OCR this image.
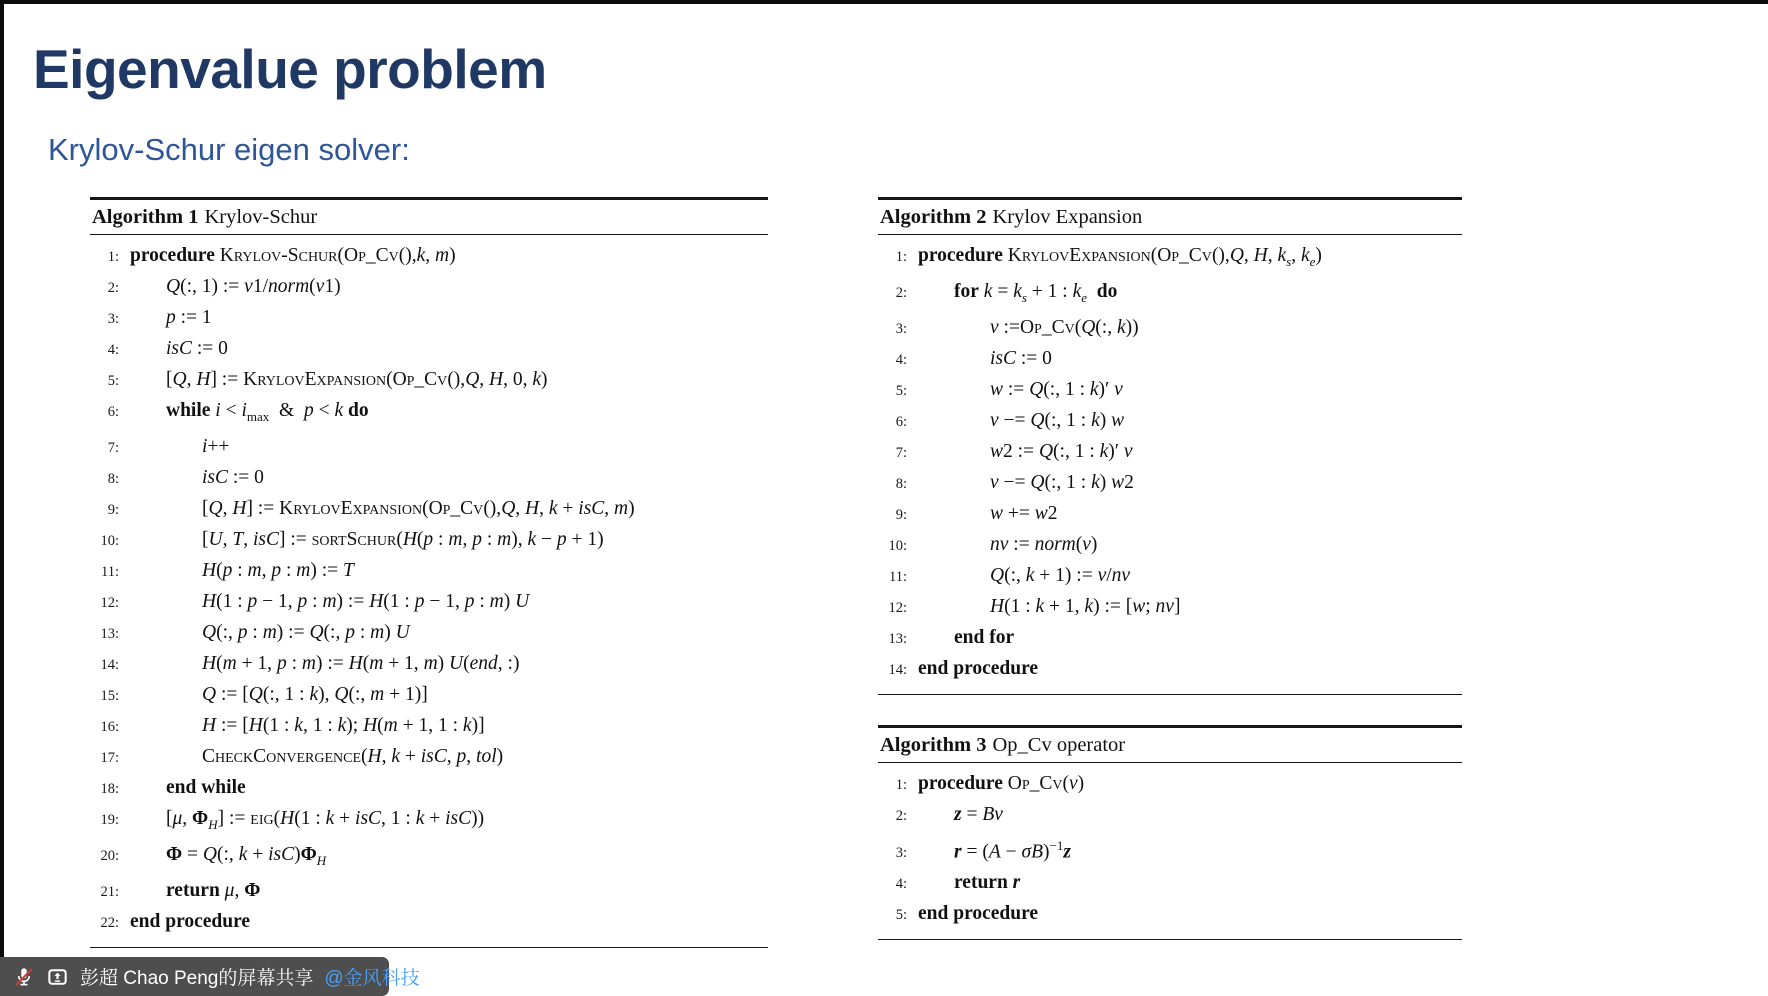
Eigenvalue problem
Krylov-Schur eigen solver:
Algorithm 1 Krylov-Schur
1: procedure Krylov-Schur(Op_Cv(),k, m)
2:	Q(:, 1) := v1/norm(v1)
3:	p := 1
4:	isC := 0
5:	[Q, H] := KrylovExpansion(Op_Cv(),Q, H, 0, k)
6:	while $i < i_{max}$  &  p < k do
7:	i++
8:	isC := 0
9:	[Q, H] := KrylovExpansion(Op_Cv(),Q, H, k + isC, m)
10:	[U, T, isC] := sortSchur(H(p : m, p : m), k − p + 1)
11:	H(p : m, p : m) := T
12:	H(1 : p − 1, p : m) := H(1 : p − 1, p : m) U
13:	Q(:, p : m) := Q(:, p : m) U
14:	H(m + 1, p : m) := H(m + 1, m) U(end, :)
15:	Q := [Q(:, 1 : k), Q(:, m + 1)]
16:	H := [H(1 : k, 1 : k); H(m + 1, 1 : k)]
17:	CheckConvergence(H, k + isC, p, tol)
18:	end while
19:	[μ, $\Phi_H$] := eig(H(1 : k + isC, 1 : k + isC))
20:	Φ = Q(:, $k + isC)\Phi_H$
21:	return μ, Φ
22: end procedure
Algorithm 2 Krylov Expansion
1: procedure KrylovExpansion(Op_Cv(),Q, H, $k_s$, $k_e$)
2:	for $k = k_s + 1$ : $k_e$ do
3:	v :=Op_Cv(Q(:, k))
4:	isC := 0
5:	w := Q(:, 1 : k)′ v
6:	v −= Q(:, 1 : k) w
7:	w2 := Q(:, 1 : k)′ v
8:	v −= Q(:, 1 : k) w2
9:	w += w2
10:	nv := norm(v)
11:	Q(:, k + 1) := v/nv
12:	H(1 : k + 1, k) := [w; nv]
13:	end for
14: end procedure
Algorithm 3 Op_Cv operator
1: procedure Op_Cv(v)
2:	z = Bv
3:	$r = (A - \sigma B)^{-1}z$
4:	return r
5: end procedure
彭超 Chao Peng的屏幕共享 @金风科技
